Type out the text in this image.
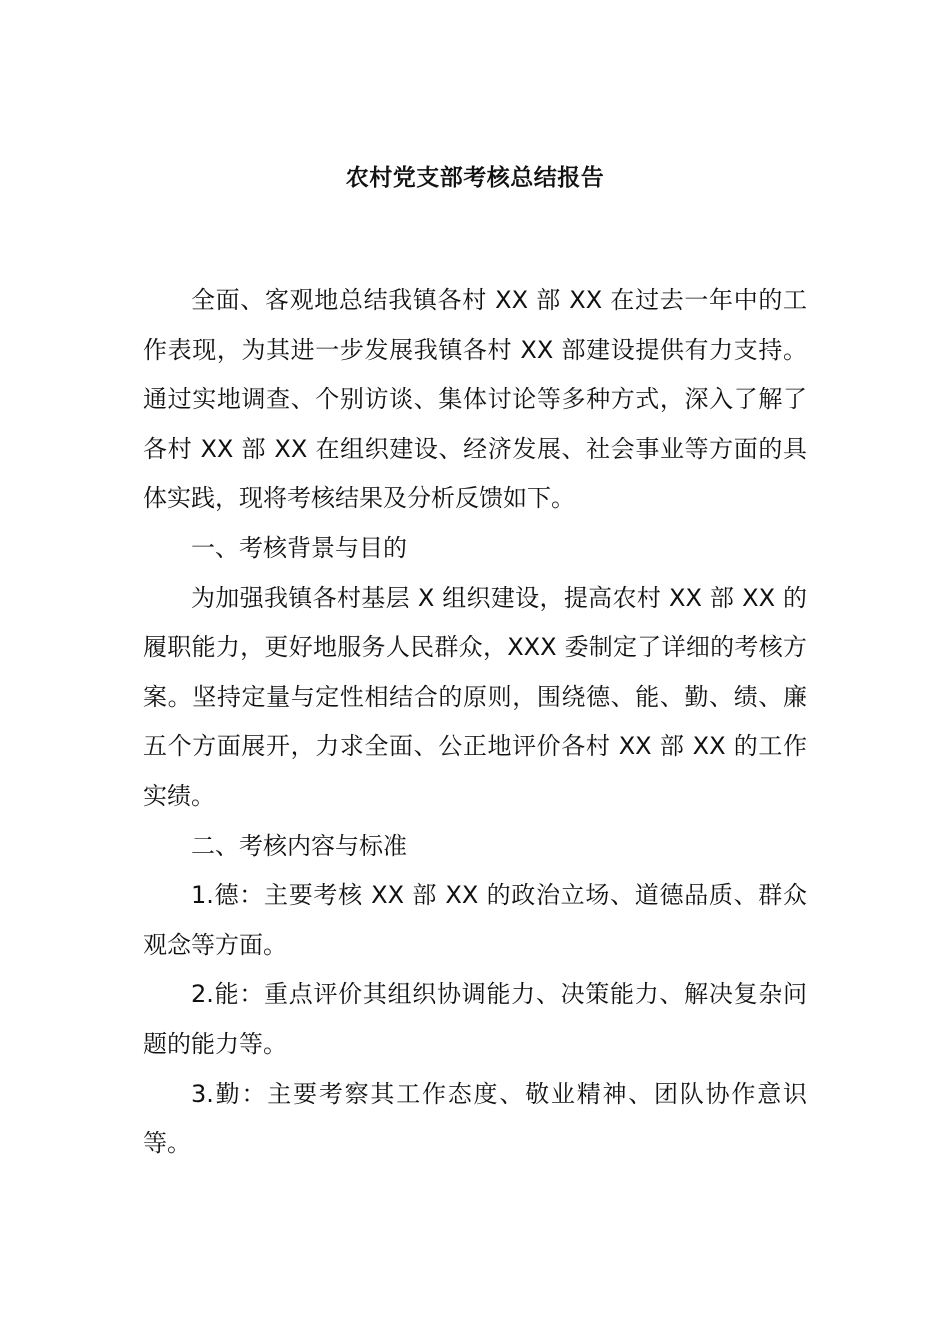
农村党支部考核总结报告

全面、客观地总结我镇各村 XX 部 XX 在过去一年中的工作表现，为其进一步发展我镇各村 XX 部建设提供有力支持。通过实地调查、个别访谈、集体讨论等多种方式，深入了解了各村 XX 部 XX 在组织建设、经济发展、社会事业等方面的具体实践，现将考核结果及分析反馈如下。

一、考核背景与目的

为加强我镇各村基层 X 组织建设，提高农村 XX 部 XX 的履职能力，更好地服务人民群众，XXX 委制定了详细的考核方案。坚持定量与定性相结合的原则，围绕德、能、勤、绩、廉五个方面展开，力求全面、公正地评价各村 XX 部 XX 的工作实绩。

二、考核内容与标准

1.德：主要考核 XX 部 XX 的政治立场、道德品质、群众观念等方面。

2.能：重点评价其组织协调能力、决策能力、解决复杂问题的能力等。

3.勤：主要考察其工作态度、敬业精神、团队协作意识等。
